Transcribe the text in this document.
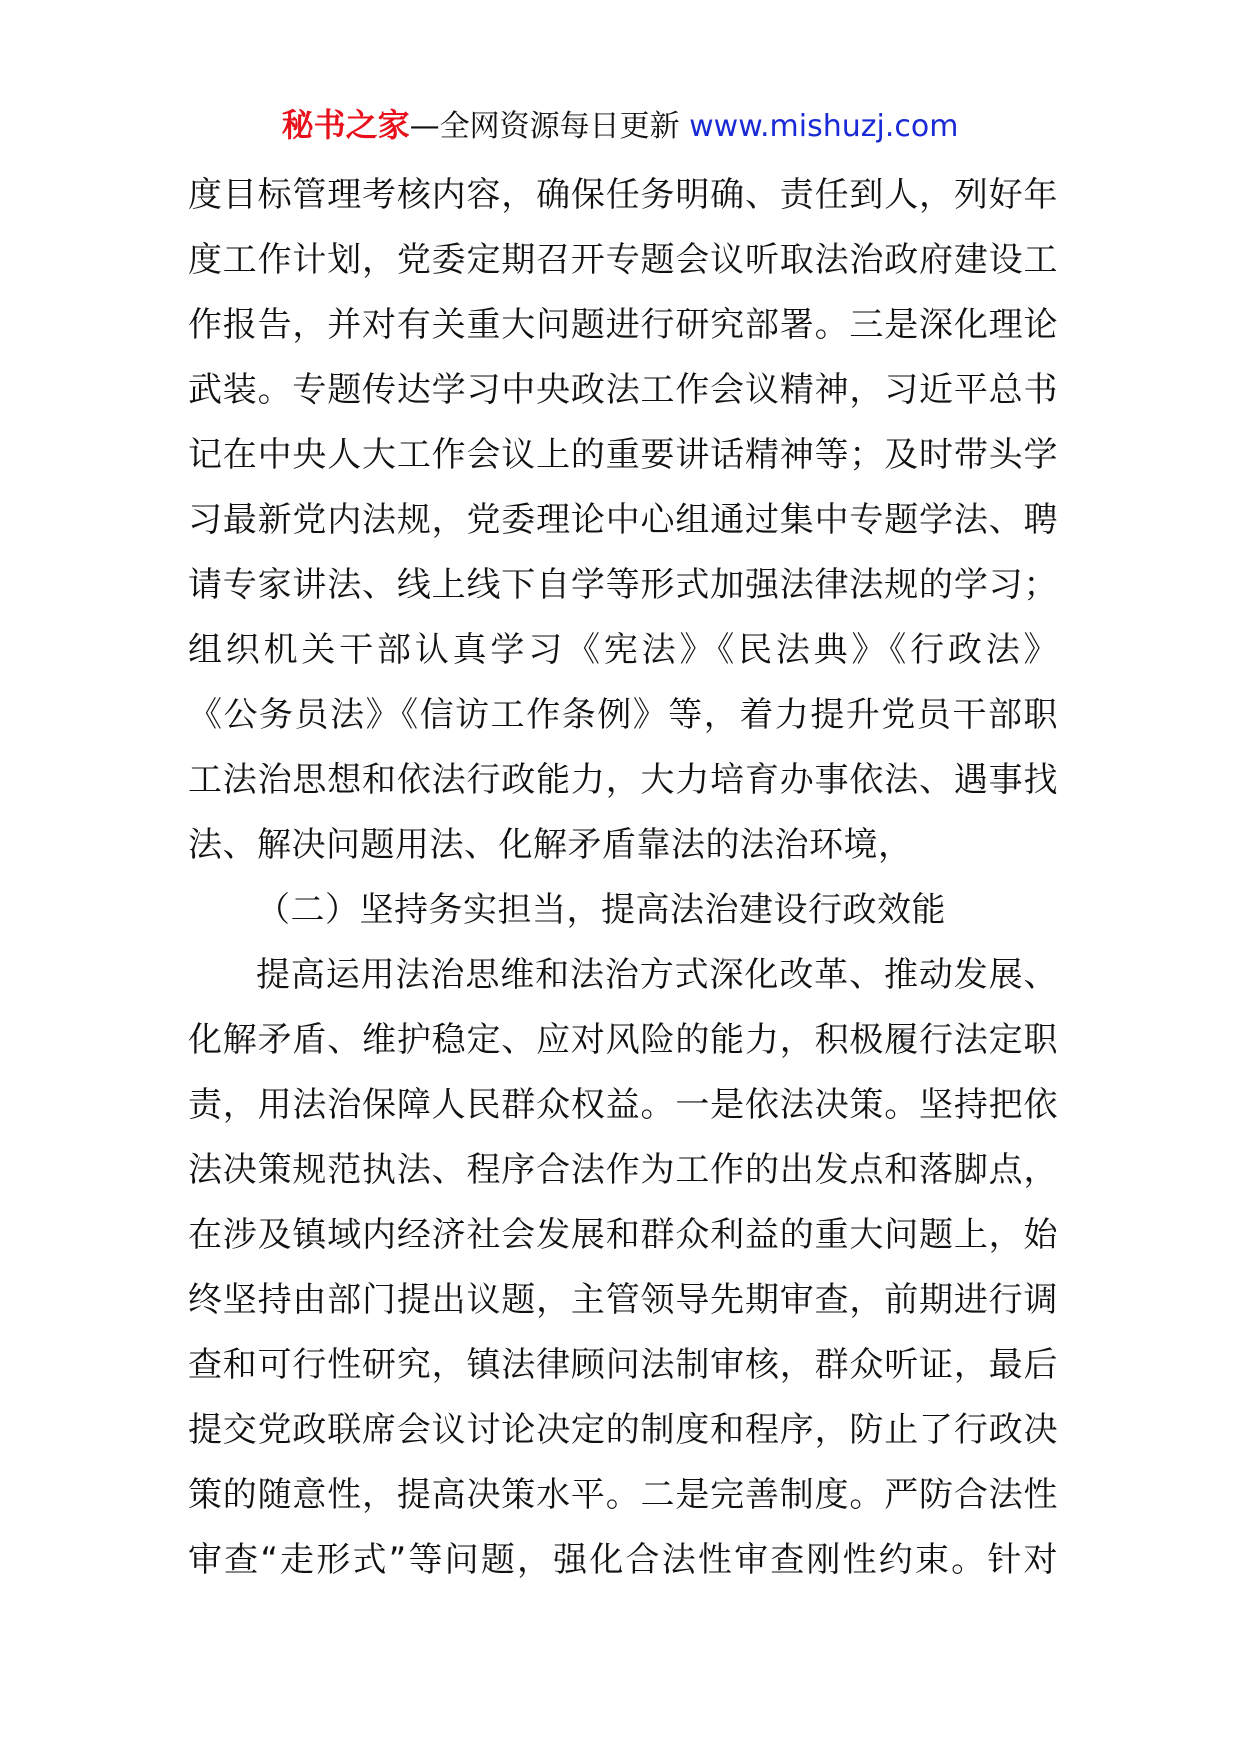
秘书之家—全网资源每日更新 www.mishuzj.com
度目标管理考核内容，确保任务明确、责任到人，列好年
度工作计划，党委定期召开专题会议听取法治政府建设工
作报告，并对有关重大问题进行研究部署。三是深化理论
武装。专题传达学习中央政法工作会议精神，习近平总书
记在中央人大工作会议上的重要讲话精神等；及时带头学
习最新党内法规，党委理论中心组通过集中专题学法、聘
请专家讲法、线上线下自学等形式加强法律法规的学习；
组织机关干部认真学习《宪法》《民法典》《行政法》
《公务员法》《信访工作条例》等，着力提升党员干部职
工法治思想和依法行政能力，大力培育办事依法、遇事找
法、解决问题用法、化解矛盾靠法的法治环境，
（二）坚持务实担当，提高法治建设行政效能
提高运用法治思维和法治方式深化改革、推动发展、
化解矛盾、维护稳定、应对风险的能力，积极履行法定职
责，用法治保障人民群众权益。一是依法决策。坚持把依
法决策规范执法、程序合法作为工作的出发点和落脚点，
在涉及镇域内经济社会发展和群众利益的重大问题上，始
终坚持由部门提出议题，主管领导先期审查，前期进行调
查和可行性研究，镇法律顾问法制审核，群众听证，最后
提交党政联席会议讨论决定的制度和程序，防止了行政决
策的随意性，提高决策水平。二是完善制度。严防合法性
审查“走形式”等问题，强化合法性审查刚性约束。针对
